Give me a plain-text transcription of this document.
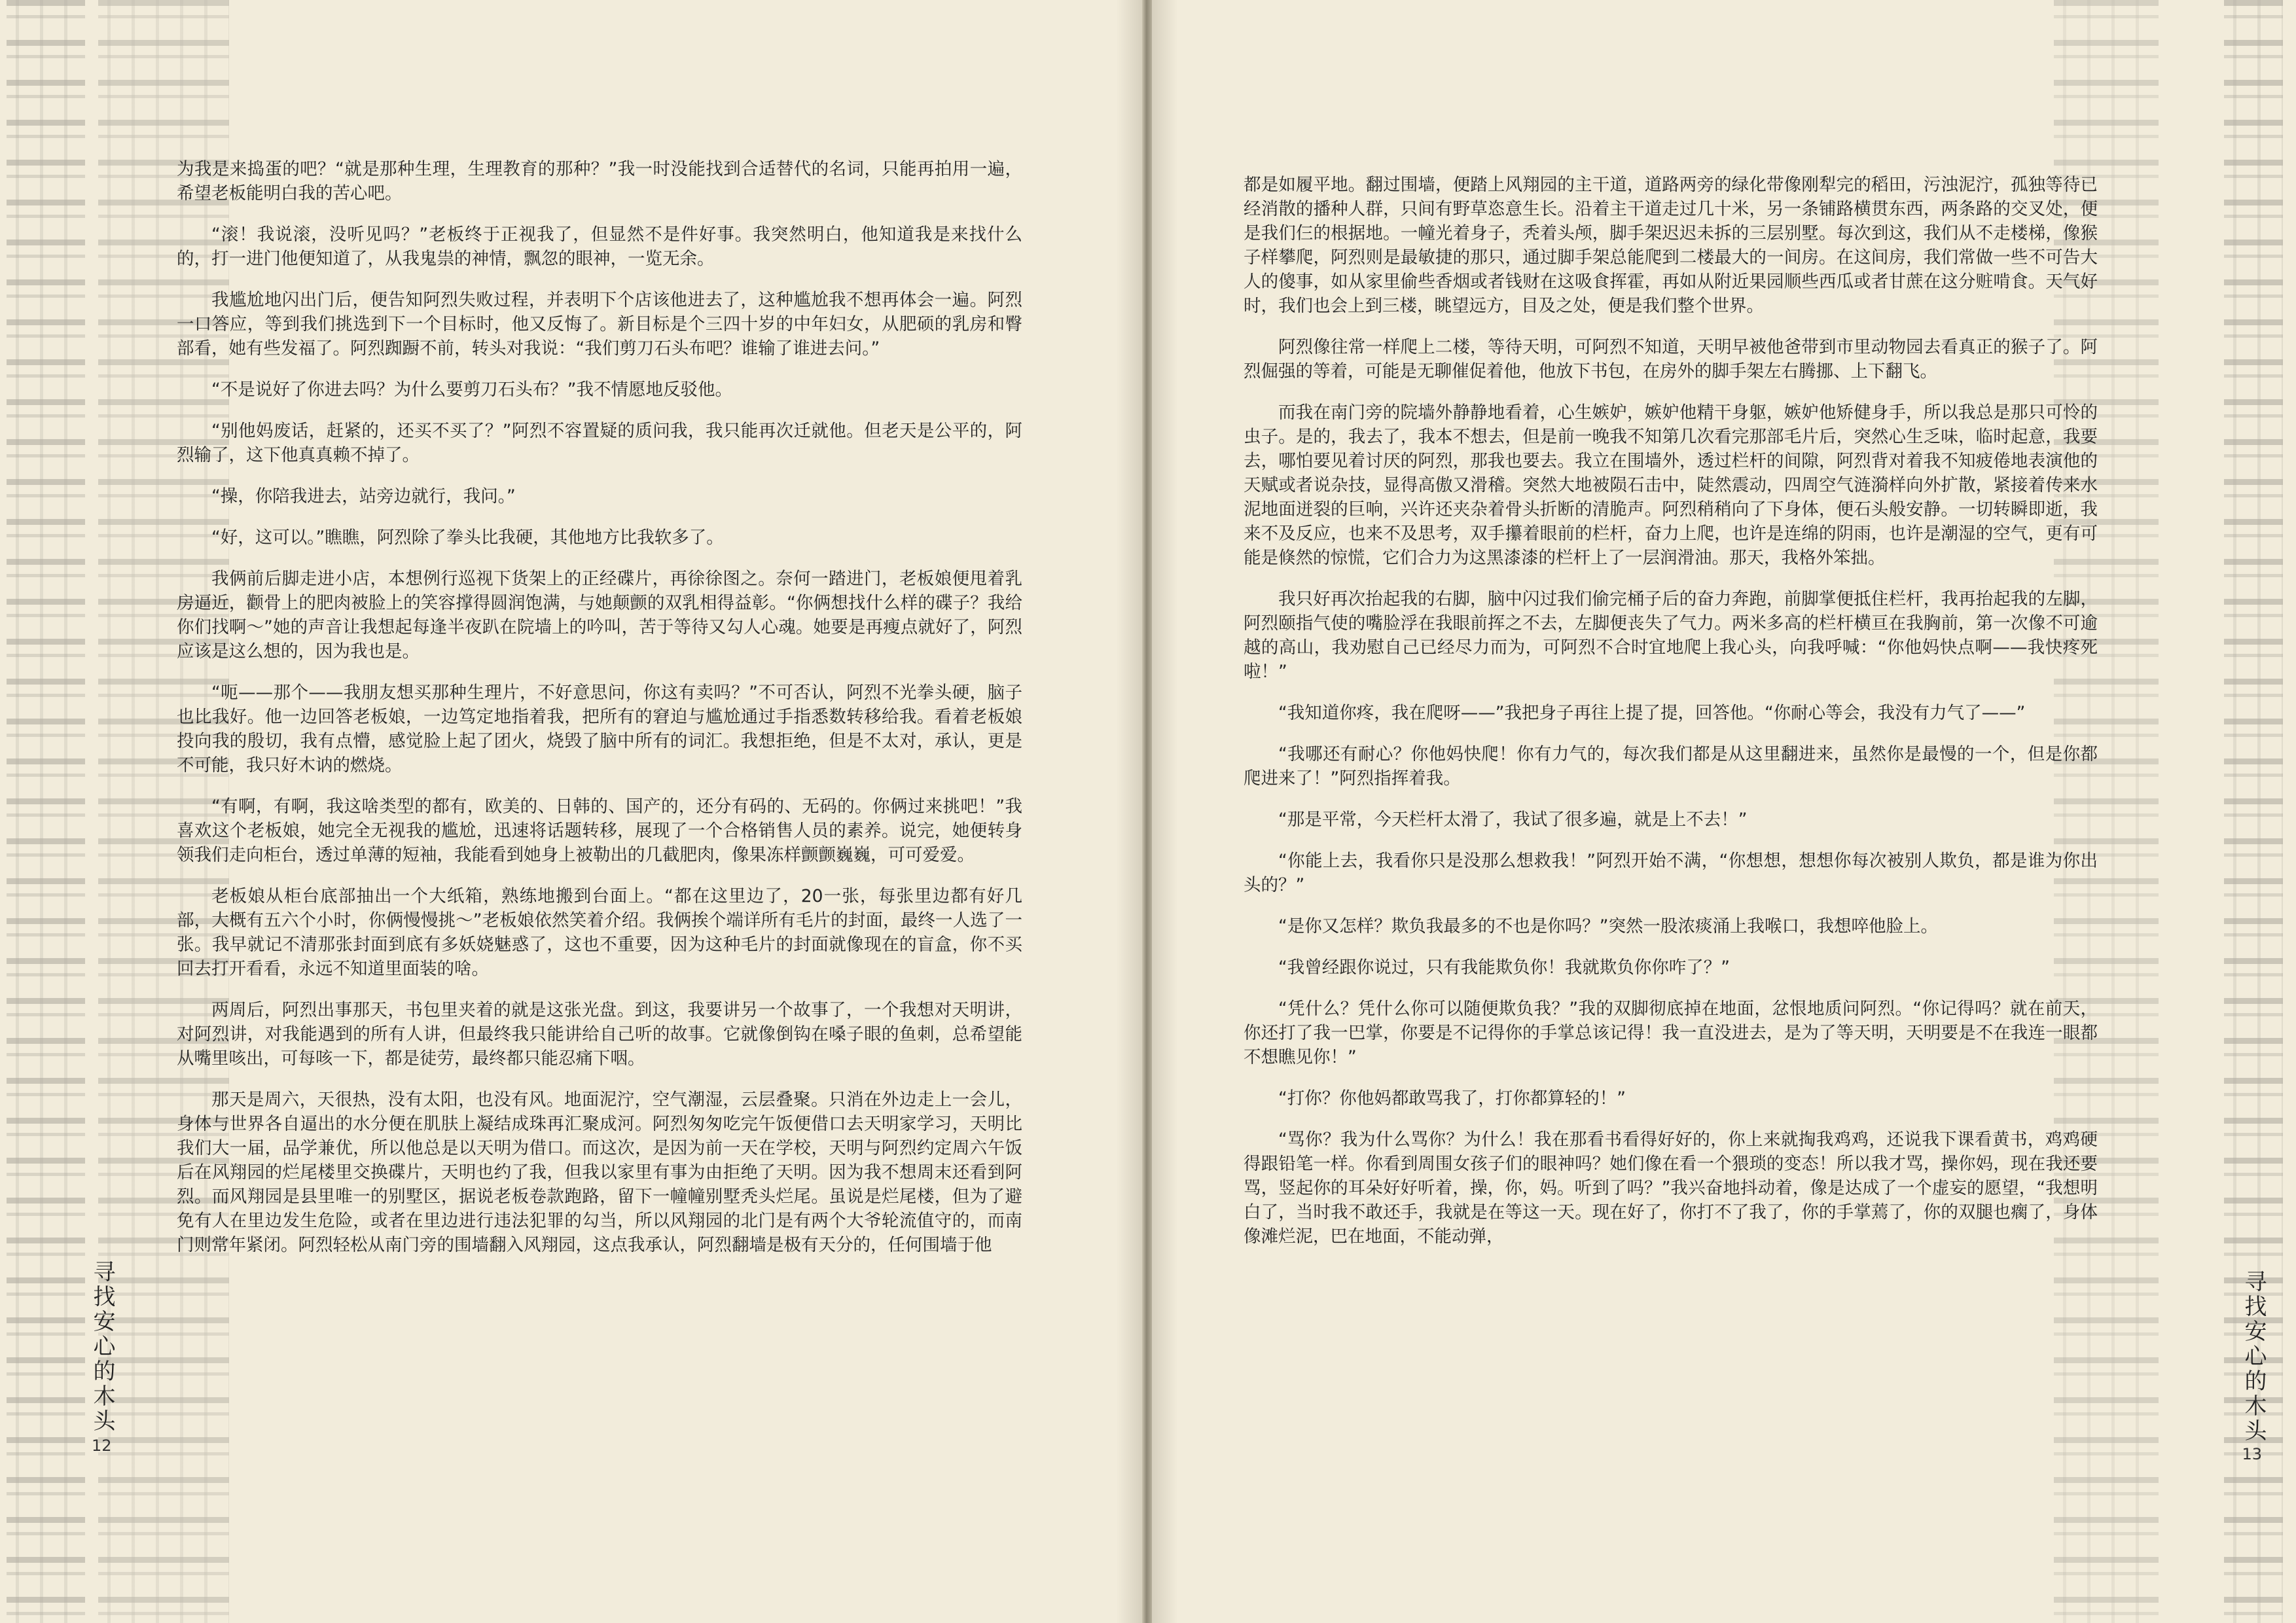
为我是来捣蛋的吧？“就是那种生理，生理教育的那种？”我一时没能找到合适替代的名词，只能再拍用一遍，希望老板能明白我的苦心吧。

“滚！我说滚，没听见吗？”老板终于正视我了，但显然不是件好事。我突然明白，他知道我是来找什么的，打一进门他便知道了，从我鬼祟的神情，飘忽的眼神，一览无余。

我尴尬地闪出门后，便告知阿烈失败过程，并表明下个店该他进去了，这种尴尬我不想再体会一遍。阿烈一口答应，等到我们挑选到下一个目标时，他又反悔了。新目标是个三四十岁的中年妇女，从肥硕的乳房和臀部看，她有些发福了。阿烈踟蹰不前，转头对我说：“我们剪刀石头布吧？谁输了谁进去问。”

“不是说好了你进去吗？为什么要剪刀石头布？”我不情愿地反驳他。

“别他妈废话，赶紧的，还买不买了？”阿烈不容置疑的质问我，我只能再次迁就他。但老天是公平的，阿烈输了，这下他真真赖不掉了。

“操，你陪我进去，站旁边就行，我问。”

“好，这可以。”瞧瞧，阿烈除了拳头比我硬，其他地方比我软多了。

我俩前后脚走进小店，本想例行巡视下货架上的正经碟片，再徐徐图之。奈何一踏进门，老板娘便甩着乳房逼近，颧骨上的肥肉被脸上的笑容撑得圆润饱满，与她颠颤的双乳相得益彰。“你俩想找什么样的碟子？我给你们找啊～”她的声音让我想起每逢半夜趴在院墙上的吟叫，苦于等待又勾人心魂。她要是再瘦点就好了，阿烈应该是这么想的，因为我也是。

“呃——那个——我朋友想买那种生理片，不好意思问，你这有卖吗？”不可否认，阿烈不光拳头硬，脑子也比我好。他一边回答老板娘，一边笃定地指着我，把所有的窘迫与尴尬通过手指悉数转移给我。看着老板娘投向我的殷切，我有点懵，感觉脸上起了团火，烧毁了脑中所有的词汇。我想拒绝，但是不太对，承认，更是不可能，我只好木讷的燃烧。

“有啊，有啊，我这啥类型的都有，欧美的、日韩的、国产的，还分有码的、无码的。你俩过来挑吧！”我喜欢这个老板娘，她完全无视我的尴尬，迅速将话题转移，展现了一个合格销售人员的素养。说完，她便转身领我们走向柜台，透过单薄的短袖，我能看到她身上被勒出的几截肥肉，像果冻样颤颤巍巍，可可爱爱。

老板娘从柜台底部抽出一个大纸箱，熟练地搬到台面上。“都在这里边了，20一张，每张里边都有好几部，大概有五六个小时，你俩慢慢挑～”老板娘依然笑着介绍。我俩挨个端详所有毛片的封面，最终一人选了一张。我早就记不清那张封面到底有多妖娆魅惑了，这也不重要，因为这种毛片的封面就像现在的盲盒，你不买回去打开看看，永远不知道里面装的啥。

两周后，阿烈出事那天，书包里夹着的就是这张光盘。到这，我要讲另一个故事了，一个我想对天明讲，对阿烈讲，对我能遇到的所有人讲，但最终我只能讲给自己听的故事。它就像倒钩在嗓子眼的鱼刺，总希望能从嘴里咳出，可每咳一下，都是徒劳，最终都只能忍痛下咽。

那天是周六，天很热，没有太阳，也没有风。地面泥泞，空气潮湿，云层叠聚。只消在外边走上一会儿，身体与世界各自逼出的水分便在肌肤上凝结成珠再汇聚成河。阿烈匆匆吃完午饭便借口去天明家学习，天明比我们大一届，品学兼优，所以他总是以天明为借口。而这次，是因为前一天在学校，天明与阿烈约定周六午饭后在风翔园的烂尾楼里交换碟片，天明也约了我，但我以家里有事为由拒绝了天明。因为我不想周末还看到阿烈。而风翔园是县里唯一的别墅区，据说老板卷款跑路，留下一幢幢别墅秃头烂尾。虽说是烂尾楼，但为了避免有人在里边发生危险，或者在里边进行违法犯罪的勾当，所以风翔园的北门是有两个大爷轮流值守的，而南门则常年紧闭。阿烈轻松从南门旁的围墙翻入风翔园，这点我承认，阿烈翻墙是极有天分的，任何围墙于他

寻找安心的木头
12

都是如履平地。翻过围墙，便踏上风翔园的主干道，道路两旁的绿化带像刚犁完的稻田，污浊泥泞，孤独等待已经消散的播种人群，只间有野草恣意生长。沿着主干道走过几十米，另一条铺路横贯东西，两条路的交叉处，便是我们仨的根据地。一幢光着身子，秃着头颅，脚手架迟迟未拆的三层别墅。每次到这，我们从不走楼梯，像猴子样攀爬，阿烈则是最敏捷的那只，通过脚手架总能爬到二楼最大的一间房。在这间房，我们常做一些不可告大人的傻事，如从家里偷些香烟或者钱财在这吸食挥霍，再如从附近果园顺些西瓜或者甘蔗在这分赃啃食。天气好时，我们也会上到三楼，眺望远方，目及之处，便是我们整个世界。

阿烈像往常一样爬上二楼，等待天明，可阿烈不知道，天明早被他爸带到市里动物园去看真正的猴子了。阿烈倔强的等着，可能是无聊催促着他，他放下书包，在房外的脚手架左右腾挪、上下翻飞。

而我在南门旁的院墙外静静地看着，心生嫉妒，嫉妒他精干身躯，嫉妒他矫健身手，所以我总是那只可怜的虫子。是的，我去了，我本不想去，但是前一晚我不知第几次看完那部毛片后，突然心生乏味，临时起意，我要去，哪怕要见着讨厌的阿烈，那我也要去。我立在围墙外，透过栏杆的间隙，阿烈背对着我不知疲倦地表演他的天赋或者说杂技，显得高傲又滑稽。突然大地被陨石击中，陡然震动，四周空气涟漪样向外扩散，紧接着传来水泥地面迸裂的巨响，兴许还夹杂着骨头折断的清脆声。阿烈稍稍向了下身体，便石头般安静。一切转瞬即逝，我来不及反应，也来不及思考，双手攥着眼前的栏杆，奋力上爬，也许是连绵的阴雨，也许是潮湿的空气，更有可能是倏然的惊慌，它们合力为这黑漆漆的栏杆上了一层润滑油。那天，我格外笨拙。

我只好再次抬起我的右脚，脑中闪过我们偷完桶子后的奋力奔跑，前脚掌便抵住栏杆，我再抬起我的左脚，阿烈颐指气使的嘴脸浮在我眼前挥之不去，左脚便丧失了气力。两米多高的栏杆横亘在我胸前，第一次像不可逾越的高山，我劝慰自己已经尽力而为，可阿烈不合时宜地爬上我心头，向我呼喊：“你他妈快点啊——我快疼死啦！”

“我知道你疼，我在爬呀——”我把身子再往上提了提，回答他。“你耐心等会，我没有力气了——”

“我哪还有耐心？你他妈快爬！你有力气的，每次我们都是从这里翻进来，虽然你是最慢的一个，但是你都爬进来了！”阿烈指挥着我。

“那是平常，今天栏杆太滑了，我试了很多遍，就是上不去！”

“你能上去，我看你只是没那么想救我！”阿烈开始不满，“你想想，想想你每次被别人欺负，都是谁为你出头的？”

“是你又怎样？欺负我最多的不也是你吗？”突然一股浓痰涌上我喉口，我想啐他脸上。

“我曾经跟你说过，只有我能欺负你！我就欺负你你咋了？”

“凭什么？凭什么你可以随便欺负我？”我的双脚彻底掉在地面，忿恨地质问阿烈。“你记得吗？就在前天，你还打了我一巴掌，你要是不记得你的手掌总该记得！我一直没进去，是为了等天明，天明要是不在我连一眼都不想瞧见你！”

“打你？你他妈都敢骂我了，打你都算轻的！”

“骂你？我为什么骂你？为什么！我在那看书看得好好的，你上来就掏我鸡鸡，还说我下课看黄书，鸡鸡硬得跟铅笔一样。你看到周围女孩子们的眼神吗？她们像在看一个猥琐的变态！所以我才骂，操你妈，现在我还要骂，竖起你的耳朵好好听着，操，你，妈。听到了吗？”我兴奋地抖动着，像是达成了一个虚妄的愿望，“我想明白了，当时我不敢还手，我就是在等这一天。现在好了，你打不了我了，你的手掌蔫了，你的双腿也瘸了，身体像滩烂泥，巴在地面，不能动弹，

寻找安心的木头
13
